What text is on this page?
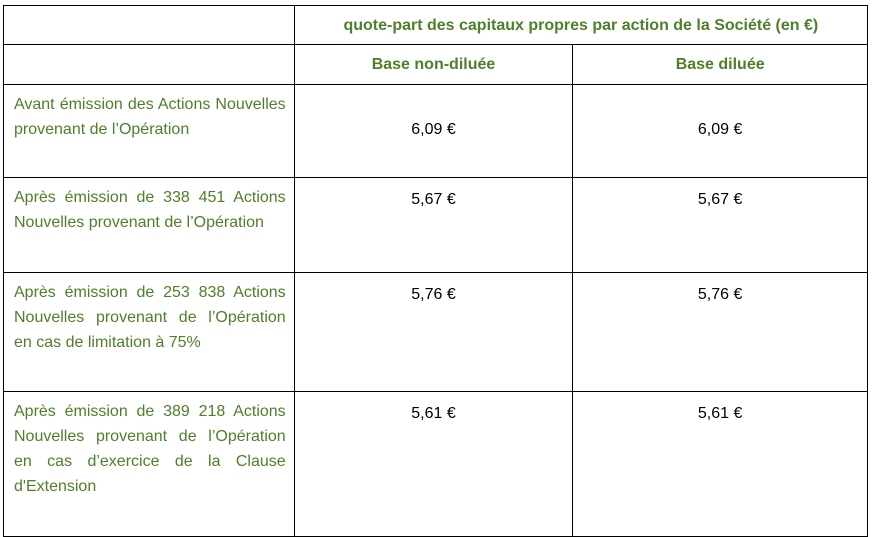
	quote-part des capitaux propres par action de la Société (en €)	
	Base non-diluée	Base diluée
Avant émission des Actions Nouvelles provenant de l’Opération	6,09 €	6,09 €
Après émission de 338 451 Actions Nouvelles provenant de l’Opération	5,67 €	5,67 €
Après émission de 253 838 Actions Nouvelles provenant de l’Opération en cas de limitation à 75%	5,76 €	5,76 €
Après émission de 389 218 Actions Nouvelles provenant de l’Opération en cas d’exercice de la Clause d'Extension	5,61 €	5,61 €
